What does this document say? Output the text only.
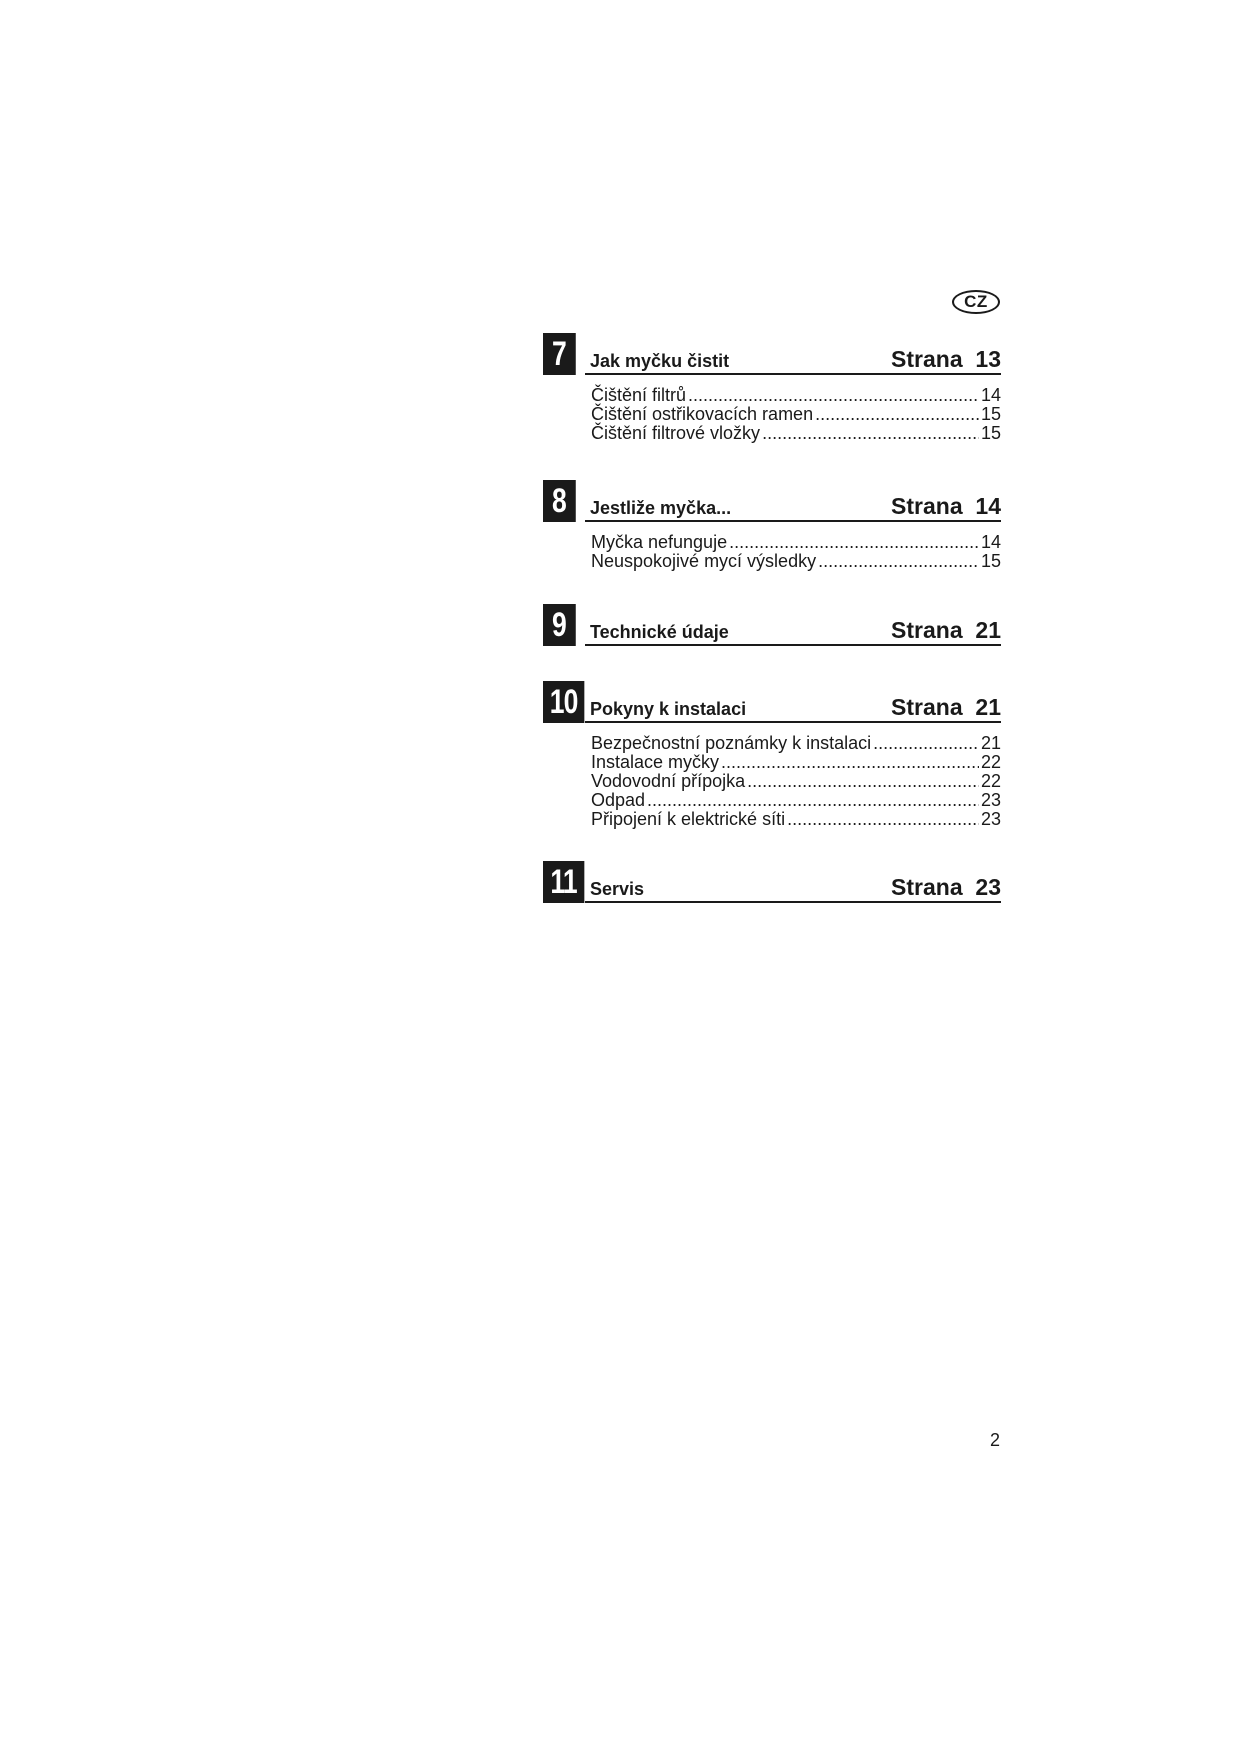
CZ
7	Jak myčku čistit	Strana  13
Čištění filtrů .....	14
Čištění ostřikovacích ramen .....	15
Čištění filtrové vložky .....	15
8	Jestliže myčka...	Strana  14
Myčka nefunguje .....	14
Neuspokojivé mycí výsledky .....	15
9	Technické údaje	Strana  21
10 Pokyny k instalaci	Strana  21
Bezpečnostní poznámky k instalaci .....	21
Instalace myčky .....	22
Vodovodní přípojka .....	22
Odpad .....	23
Připojení k elektrické síti .....	23
11 Servis	Strana  23
2
